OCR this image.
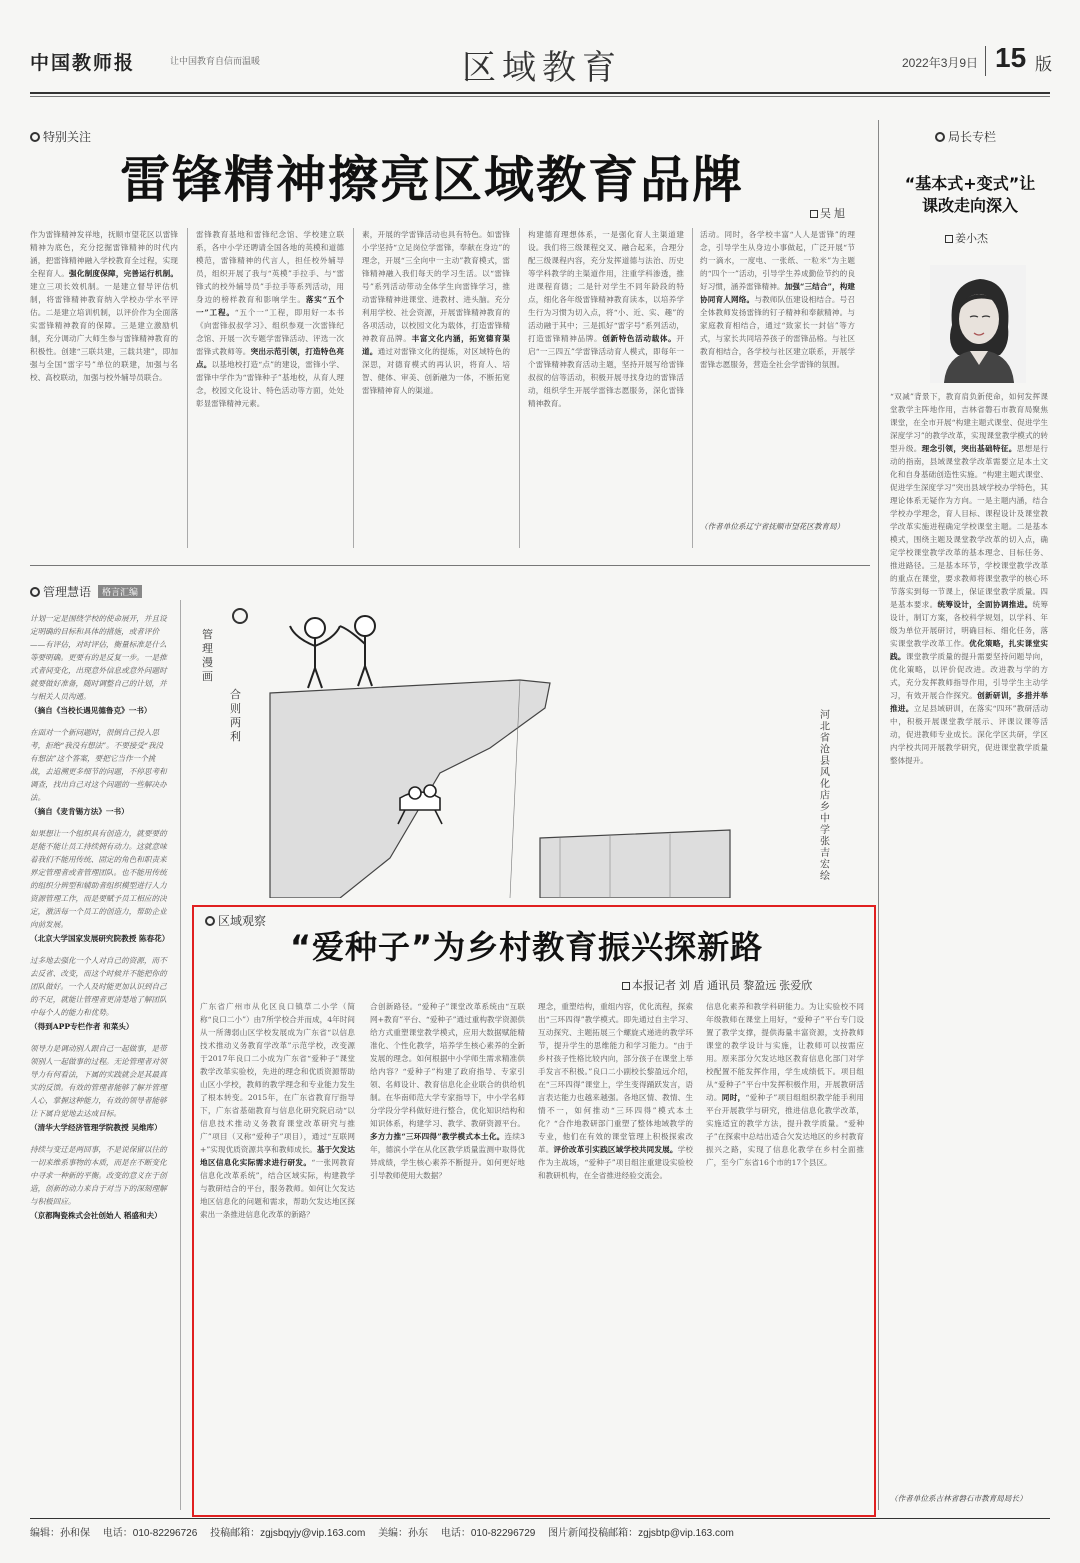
中国教师报	让中国教育自信而温暖	区域教育	2022年3月9日 15 版
特别关注
雷锋精神擦亮区域教育品牌
吴 旭
作为雷锋精神发祥地，抚顺市望花区以雷锋精神为底色，充分挖掘雷锋精神的时代内涵，把雷锋精神融入学校教育全过程，实现全程育人。强化制度保障，完善运行机制。建立三项长效机制。一是建立督导评估机制，将雷锋精神教育纳入学校办学水平评估。二是建立培训机制，以评价作为全面落实雷锋精神教育的保障。三是建立激励机制，充分调动广大师生参与雷锋精神教育的积极性。创建“三联共建，三载共建”，即加强与全国“雷字号”单位的联建，加强与名校、高校联动，加强与校外辅导员联合。
雷锋教育基地和雷锋纪念馆、学校建立联系，各中小学还聘请全国各地的英模和道德模范，雷锋精神的代言人，担任校外辅导员，组织开展了我与“英模”手拉手、与“雷锋式的校外辅导员”手拉手等系列活动，用身边的榜样教育和影响学生。落实“五个一”工程。“五个一”工程，即用好一本书《向雷锋叔叔学习》、组织参观一次雷锋纪念馆、开展一次专题学雷锋活动、评选一次雷锋式教师等。突出示范引领，打造特色亮点。以基地校打造“点”的建设，雷锋小学、雷锋中学作为“雷锋种子”基地校，从育人理念，校园文化设计、特色活动等方面，处处彰显雷锋精神元素。
素，开展的学雷锋活动也具有特色。如雷锋小学坚持“立足岗位学雷锋，奉献在身边”的理念，开展“三全向中一主动”教育模式，雷锋精神融入我们每天的学习生活。以“雷锋号”系列活动带动全体学生向雷锋学习，推动雷锋精神进课堂、进教材、进头脑。充分利用学校、社会资源，开展雷锋精神教育的各项活动，以校园文化为载体，打造雷锋精神教育品牌。丰富文化内涵，拓宽德育渠道。通过对雷锋文化的提炼，对区域特色的深思，对德育模式的再认识，将育人、培智、健体、审美、创新融为一体，不断拓宽雷锋精神育人的渠道。
构建德育理想体系，一是强化育人主渠道建设。我们将三级课程交叉、融合起来，合理分配三级课程内容，充分发挥道德与法治、历史等学科教学的主渠道作用，注重学科渗透，推进课程育德；二是针对学生不同年龄段的特点，细化各年级雷锋精神教育读本，以培养学生行为习惯为切入点，将“小、近、实、趣”的活动融于其中；三是抓好“雷字号”系列活动，打造雷锋精神品牌。创新特色活动载体。开启“一三四五”学雷锋活动育人模式，即每年一个雷锋精神教育活动主题，坚持开展写给雷锋叔叔的信等活动，积极开展寻找身边的雷锋活动，组织学生开展学雷锋志愿服务，深化雷锋精神教育。
活动。同时，各学校丰富“人人是雷锋”的理念，引导学生从身边小事做起，广泛开展“节约一滴水，一度电、一张纸、一粒米”为主题的“四个一”活动，引导学生养成勤俭节约的良好习惯，涵养雷锋精神。加强“三结合”，构建协同育人网络。与教师队伍建设相结合。号召全体教师发扬雷锋的钉子精神和奉献精神。与家庭教育相结合，通过“致家长一封信”等方式，与家长共同培养孩子的雷锋品格。与社区教育相结合，各学校与社区建立联系，开展学雷锋志愿服务，营造全社会学雷锋的氛围。
（作者单位系辽宁省抚顺市望花区教育局）
局长专栏
“基本式+变式”让课改走向深入
姜小杰
“双减”背景下，教育肩负新使命，如何发挥课堂教学主阵地作用，吉林省磐石市教育局聚焦课堂，在全市开展“构建主题式课堂、促进学生深度学习”的教学改革，实现课堂教学模式的转型升级。理念引领，突出基础特征。思想是行动的指南，县域课堂教学改革需要立足本土文化和自身基础创造性实施。“构建主题式课堂、促进学生深度学习”突出县域学校办学特色，其理论体系无疑作为方向。一是主题内涵，结合学校办学理念，育人目标、课程设计及课堂教学改革实施进程确定学校课堂主题。二是基本模式，围绕主题及课堂教学改革的切入点，确定学校课堂教学改革的基本理念、目标任务、推进路径。三是基本环节，学校课堂教学改革的重点在课堂，要求教师将课堂教学的核心环节落实到每一节课上，保证课堂教学质量。四是基本要求。统筹设计，全面协调推进。统筹设计，制订方案，各校科学规划，以学科、年级为单位开展研讨，明确目标、细化任务，落实课堂教学改革工作。优化策略，扎实课堂实践。课堂教学质量的提升需要坚持问题导向，优化策略，以评价促改进。改进教与学的方式，充分发挥教师指导作用，引导学生主动学习，有效开展合作探究。创新研训，多措并举推进。立足县域研训，在落实“四环”教研活动中，积极开展课堂教学展示、评课议课等活动，促进教师专业成长。深化学区共研，学区内学校共同开展教学研究，促进课堂教学质量整体提升。
（作者单位系吉林省磐石市教育局局长）
管理慧语	格言汇编
计划一定是围绕学校的使命展开，并且设定明确的目标和具体的措施，或者评价——有评估，对时评估，衡量标准是什么等要明确。更要有的是反复一步。一是推式者间变化，出现意外信息或意外问题时就要做好准备，随时调整自己的计划，并与相关人员沟通。
（摘自《当校长遇见德鲁克》一书）
在面对一个新问题时，很倒自己投入思考，拒绝“我没有想法”。不要接受“我没有想法”这个答案，要把它当作一个挑战，去追溯更多细节的问题，不停思考和调查，找出自己对这个问题的一些解决办法。
（摘自《麦肯锡方法》一书）
如果想让一个组织具有创造力，就要要的是能不能让员工持续拥有动力。这就意味着我们不能用传统、固定的角色和职责来界定管理者或者管理团队。也不能用传统的组织分辨型和辅助者组织模型进行人力资源管理工作，而是要赋予员工相应的决定，激活每一个员工的创造力，帮助企业向前发展。
（北京大学国家发展研究院教授 陈春花）
过多地去强化一个人对自己的资源，而不去反省、改变，而这个时候并不能把你的团队做好。一个人及时能更加认识到自己的不足，就能让管理者更清楚地了解团队中每个人的能力和优势。
（得到APP专栏作者 和菜头）
领导力是调动别人跟自己一起做事，是带领别人一起做事的过程。无论管理者对领导力有何看法，下属的实践就会是其最真实的反馈。有效的管理者能够了解并管理人心，掌握这种能力，有效的领导者能够让下属自觉地去达成目标。
（清华大学经济管理学院教授 吴维库）
持续与变迁是两回事，不是说保留以往的一切来维系事物的本质，而是在不断变化中寻求一种新的平衡。改变的意义在于创造，创新的动力来自于对当下的深刻理解与积极回应。
（京都陶瓷株式会社创始人 稻盛和夫）
管
理
漫
画
合
则
两
利
河
北
省
沧
县
风
化
店
乡
中
学
张
吉
宏
绘
区域观察
“爱种子”为乡村教育振兴探新路
本报记者 刘 盾 通讯员 黎盈远 张爱欣
广东省广州市从化区良口镇草二小学（简称“良口二小”）由7所学校合并而成，4年时间从一所薄弱山区学校发展成为广东省“以信息技术推动义务教育学改革”示范学校，改变源于2017年良口二小成为广东省“爱种子”课堂教学改革实验校，先进的理念和优质资源帮助山区小学校，教师的教学理念和专业能力发生了根本转变。2015年，在广东省教育厅指导下，广东省基础教育与信息化研究院启动“以信息技术推动义务教育课堂改革研究与推广”项目（又称“爱种子”项目），通过“互联网+”实现优质资源共享和教师成长。基于欠发达地区信息化实际需求进行研发。“一张网教育信息化改革系统”，结合区域实际，构建教学与教研结合的平台，服务教师。如何让欠发达地区信息化的问题和需求，帮助欠发达地区探索出一条推进信息化改革的新路？
合创新路径。“爱种子”课堂改革系统由“互联网+教育”平台、“爱种子”通过重构教学资源供给方式重塑课堂教学模式，应用大数据赋能精准化、个性化教学，培养学生核心素养的全新发展的理念。如何根据中小学师生需求精准供给内容？“爱种子”构建了政府指导、专家引领、名师设计、教育信息化企业联合的供给机制。在华南师范大学专家指导下，中小学名师分学段分学科做好进行整合，优化知识结构和知识体系，构建学习、教学、教研资源平台。多方力推“三环四得”教学模式本土化。连续3年，德滨小学在从化区教学质量监测中取得优异成绩，学生核心素养不断提升。如何更好地引导教师使用大数据？
理念，重塑结构，重组内容，优化流程，探索出“三环四得”教学模式。即先通过自主学习、互动探究、主题拓展三个螺旋式递进的教学环节，提升学生的思维能力和学习能力。“由于乡村孩子性格比较内向，部分孩子在课堂上举手发言不积极。”良口二小副校长黎盈远介绍，在“三环四得”课堂上，学生变得踊跃发言，语言表达能力也越来越强。各地区情、教情、生情不一，如何推动“三环四得”模式本土化？“合作地教研部门重塑了整体地域教学的专业，他们在有效的课堂管理上积极探索改革。评价改革引实践区域学校共同发展。学校作为主战场，“爱种子”项目组注重建设实验校和教研机构，在全省推进经验交流会。
信息化素养和教学科研能力。为让实验校不同年级教师在课堂上用好，“爱种子”平台专门设置了教学支撑，提供海量丰富资源，支持教师课堂的教学设计与实施，让教师可以按需应用。原来部分欠发达地区教育信息化部门对学校配置不能发挥作用，学生成绩低下。项目组从“爱种子”平台中发挥积极作用，开展教研活动。同时，“爱种子”项目组组织教学能手利用平台开展教学与研究，推进信息化教学改革，实施适宜的教学方法，提升教学质量。“爱种子”在探索中总结出适合欠发达地区的乡村教育振兴之路，实现了信息化教学在乡村全面推广，至今广东省16个市的17个县区。
编辑：孙和保 电话：010-82296726 投稿邮箱：zgjsbqyjy@vip.163.com 美编：孙东 电话：010-82296729 图片新闻投稿邮箱：zgjsbtp@vip.163.com
